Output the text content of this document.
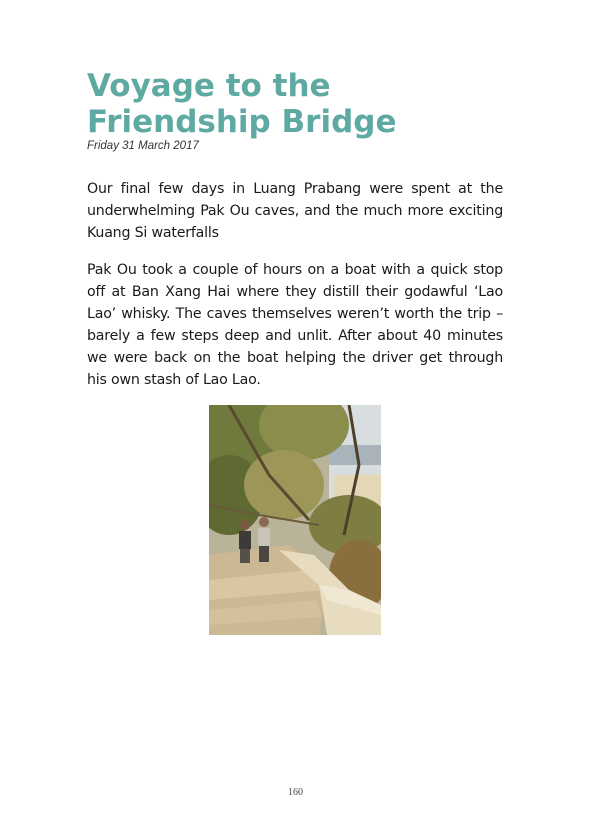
Voyage to the
Friendship Bridge
Friday 31 March 2017

Our final few days in Luang Prabang were spent at the underwhelming Pak Ou caves, and the much more exciting Kuang Si waterfalls

Pak Ou took a couple of hours on a boat with a quick stop off at Ban Xang Hai where they distill their godawful ‘Lao Lao’ whisky. The caves themselves weren’t worth the trip – barely a few steps deep and unlit. After about 40 minutes we were back on the boat helping the driver get through his own stash of Lao Lao.

160
